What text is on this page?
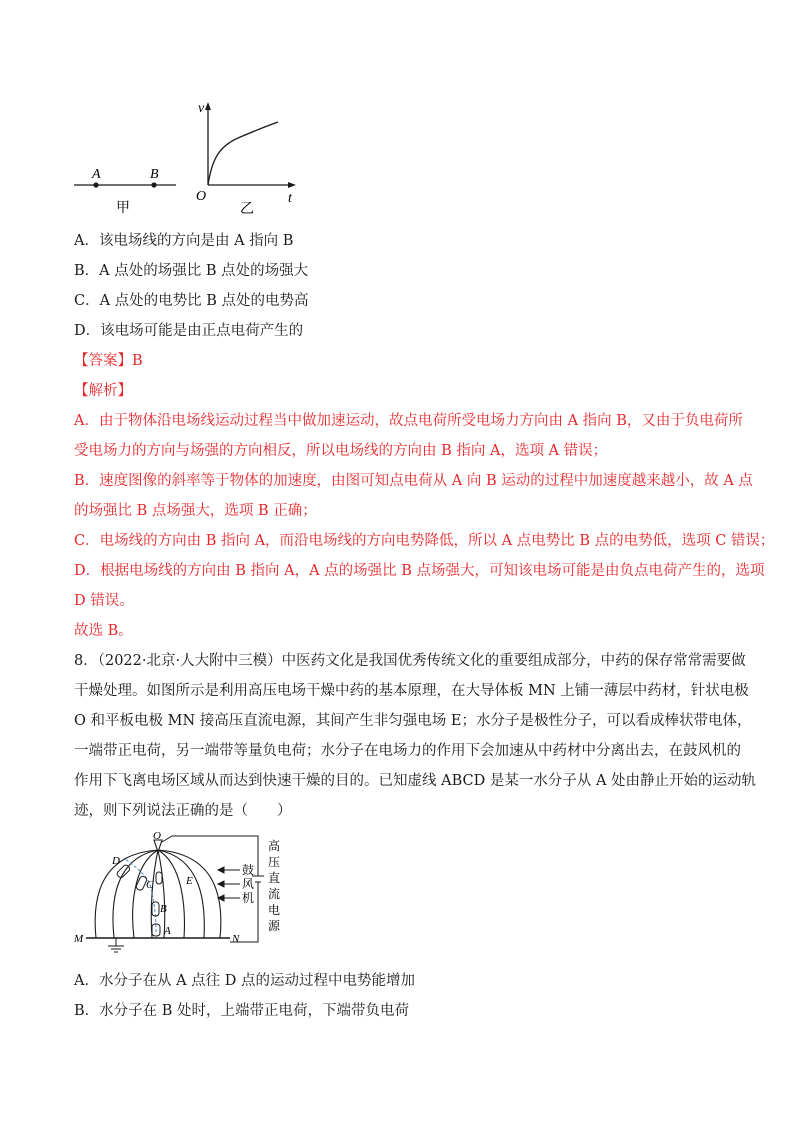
A	B
甲
v
t
O
乙
A．该电场线的方向是由 A 指向 B
B．A 点处的场强比 B 点处的场强大
C．A 点处的电势比 B 点处的电势高
D．该电场可能是由正点电荷产生的
【答案】B
【解析】
A．由于物体沿电场线运动过程当中做加速运动，故点电荷所受电场力方向由 A 指向 B，又由于负电荷所
受电场力的方向与场强的方向相反，所以电场线的方向由 B 指向 A，选项 A 错误；
B．速度图像的斜率等于物体的加速度，由图可知点电荷从 A 向 B 运动的过程中加速度越来越小，故 A 点
的场强比 B 点场强大，选项 B 正确；
C．电场线的方向由 B 指向 A，而沿电场线的方向电势降低，所以 A 点电势比 B 点的电势低，选项 C 错误；
D．根据电场线的方向由 B 指向 A，A 点的场强比 B 点场强大，可知该电场可能是由负点电荷产生的，选项
D 错误。
故选 B。
8．（2022·北京·人大附中三模）中医药文化是我国优秀传统文化的重要组成部分，中药的保存常常需要做
干燥处理。如图所示是利用高压电场干燥中药的基本原理，在大导体板 MN 上铺一薄层中药材，针状电极
O 和平板电极 MN 接高压直流电源，其间产生非匀强电场 E；水分子是极性分子，可以看成棒状带电体，
一端带正电荷，另一端带等量负电荷；水分子在电场力的作用下会加速从中药材中分离出去，在鼓风机的
作用下飞离电场区域从而达到快速干燥的目的。已知虚线 ABCD 是某一水分子从 A 处由静止开始的运动轨
迹，则下列说法正确的是（　　）
O
D
C	E
B
A
M	N
鼓
风
机
高
压
直
流
电
源
A．水分子在从 A 点往 D 点的运动过程中电势能增加
B．水分子在 B 处时，上端带正电荷，下端带负电荷
